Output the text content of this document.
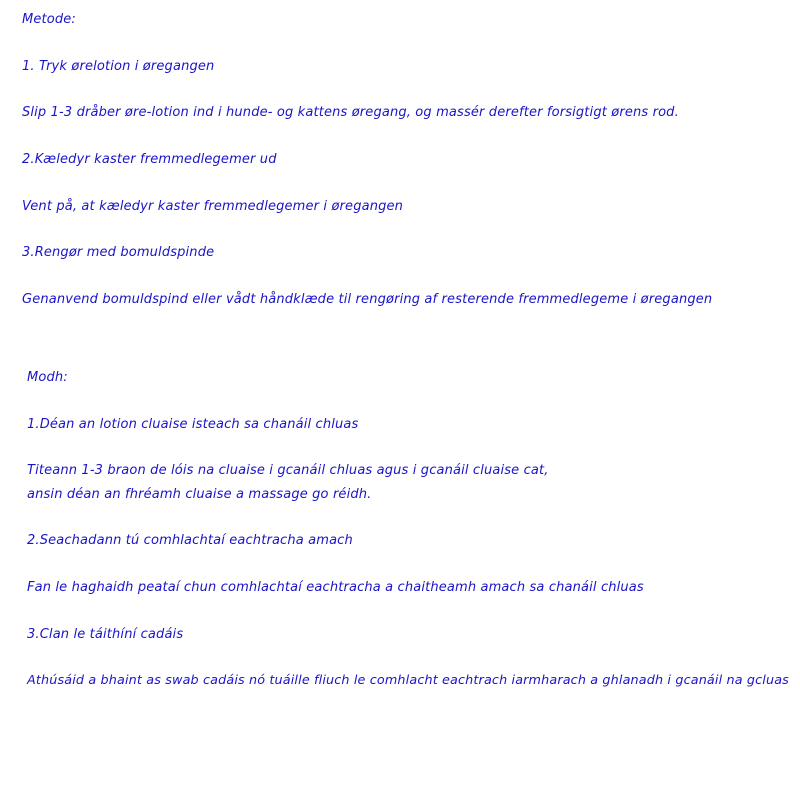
Metode:
1. Tryk ørelotion i øregangen
Slip 1-3 dråber øre-lotion ind i hunde- og kattens øregang, og massér derefter forsigtigt ørens rod.
2.Kæledyr kaster fremmedlegemer ud
Vent på, at kæledyr kaster fremmedlegemer i øregangen
3.Rengør med bomuldspinde
Genanvend bomuldspind eller vådt håndklæde til rengøring af resterende fremmedlegeme i øregangen
Modh:
1.Déan an lotion cluaise isteach sa chanáil chluas
Titeann 1-3 braon de lóis na cluaise i gcanáil chluas agus i gcanáil cluaise cat,
ansin déan an fhréamh cluaise a massage go réidh.
2.Seachadann tú comhlachtaí eachtracha amach
Fan le haghaidh peataí chun comhlachtaí eachtracha a chaitheamh amach sa chanáil chluas
3.Clan le táithíní cadáis
Athúsáid a bhaint as swab cadáis nó tuáille fliuch le comhlacht eachtrach iarmharach a ghlanadh i gcanáil na gcluas
